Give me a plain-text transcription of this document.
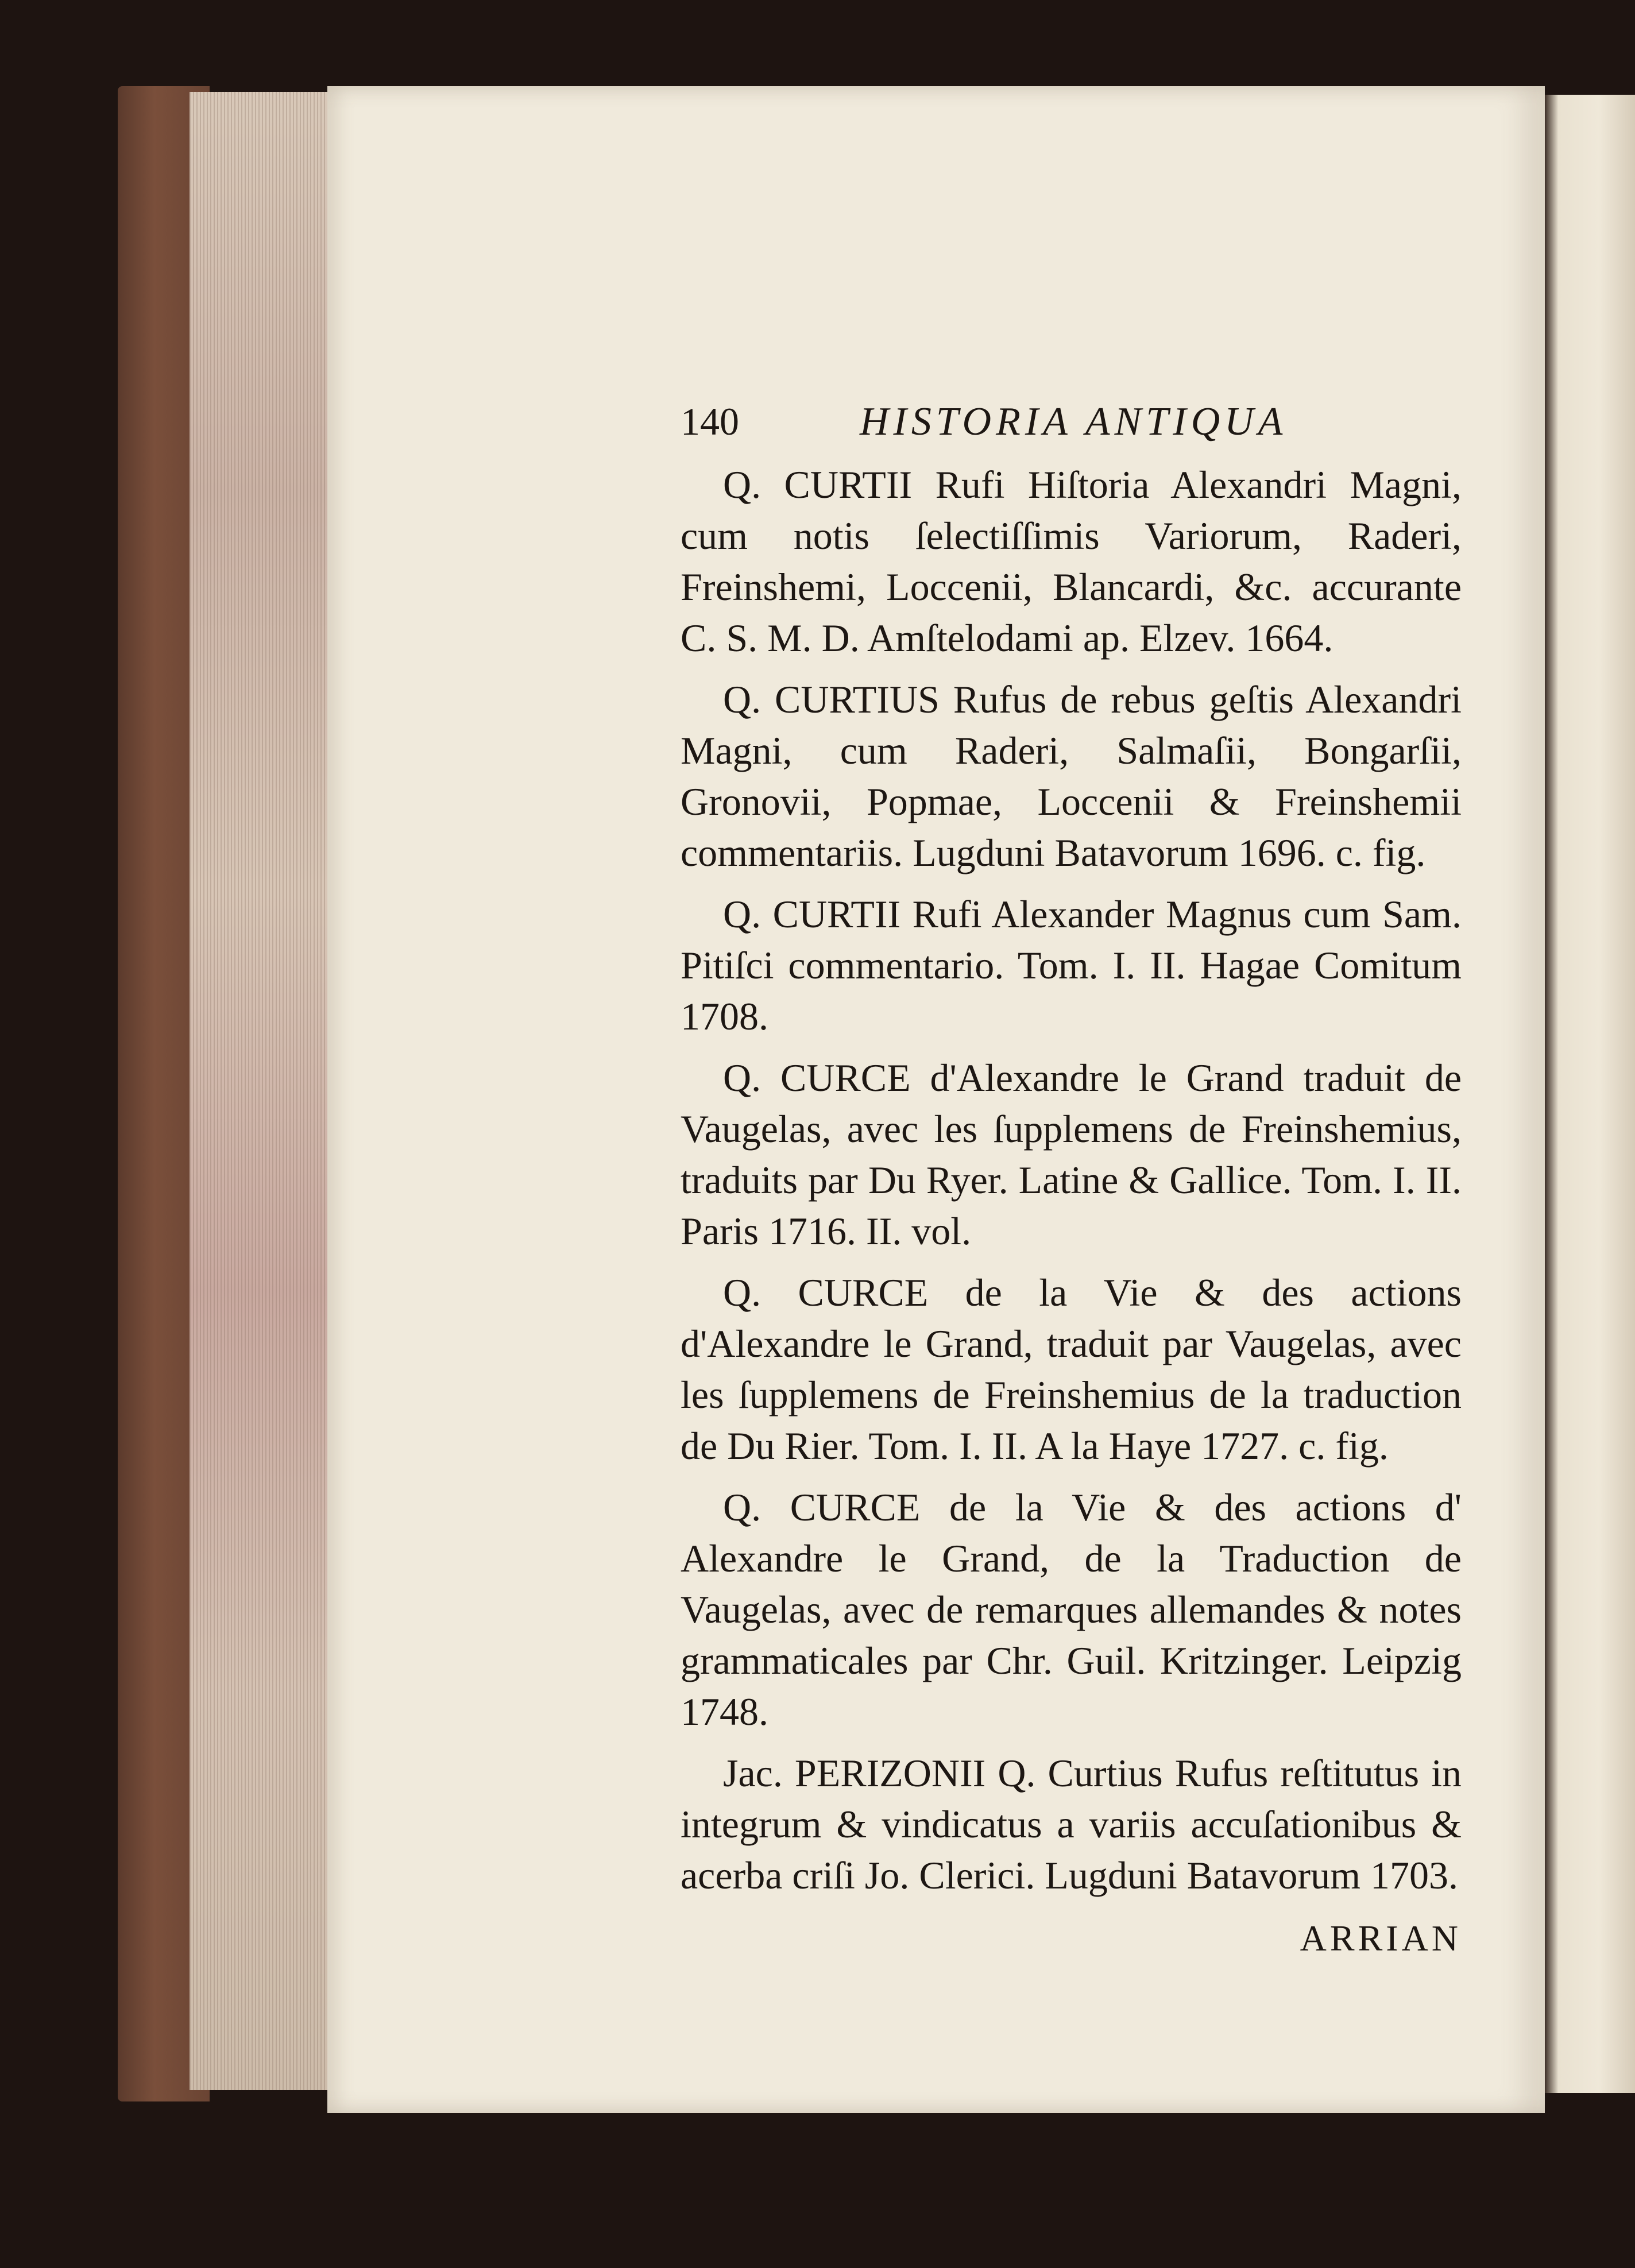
140	HISTORIA ANTIQUA

Q. CURTII Rufi Hiſtoria Alexandri Magni, cum notis ſelectiſſimis Variorum, Raderi, Freinshemi, Loccenii, Blancardi, &c. accurante C. S. M. D. Amſtelodami ap. Elzev. 1664.

Q. CURTIUS Rufus de rebus geſtis Alexandri Magni, cum Raderi, Salmaſii, Bongarſii, Gronovii, Popmae, Loccenii & Freinshemii commentariis. Lugduni Batavorum 1696. c. fig.

Q. CURTII Rufi Alexander Magnus cum Sam. Pitiſci commentario. Tom. I. II. Hagae Comitum 1708.

Q. CURCE d'Alexandre le Grand traduit de Vaugelas, avec les ſupplemens de Freinshemius, traduits par Du Ryer. Latine & Gallice. Tom. I. II. Paris 1716. II. vol.

Q. CURCE de la Vie & des actions d'Alexandre le Grand, traduit par Vaugelas, avec les ſupplemens de Freinshemius de la traduction de Du Rier. Tom. I. II. A la Haye 1727. c. fig.

Q. CURCE de la Vie & des actions d' Alexandre le Grand, de la Traduction de Vaugelas, avec de remarques allemandes & notes grammaticales par Chr. Guil. Kritzinger. Leipzig 1748.

Jac. PERIZONII Q. Curtius Rufus reſtitutus in integrum & vindicatus a variis accuſationibus & acerba criſi Jo. Clerici. Lugduni Batavorum 1703.

ARRIAN
